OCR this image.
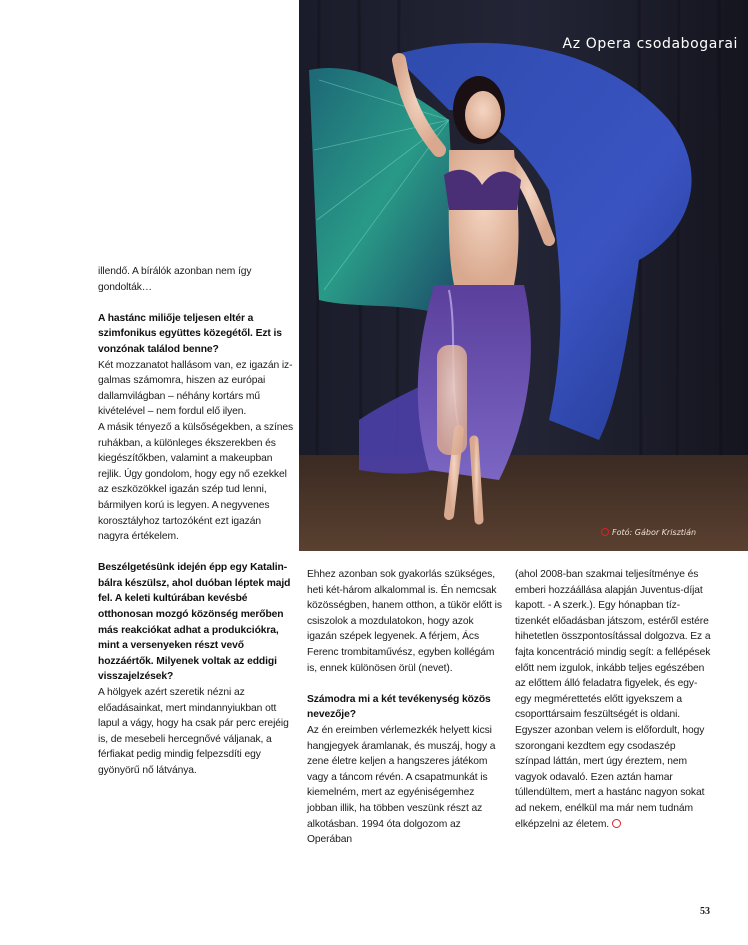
Az Opera csodabogarai
Fotó: Gábor Krisztián

illendő. A bírálók azonban nem így gondolták…

A hastánc miliője teljesen eltér a szimfonikus együttes közegétől. Ezt is vonzónak találod benne?

Két mozzanatot hallásom van, ez igazán iz- galmas számomra, hiszen az európai dallamvilágban – néhány kortárs mű kivételével – nem fordul elő ilyen.

A másik tényező a külsőségekben, a színes ruhákban, a különleges ékszerekben és kiegészítőkben, valamint a makeupban rejlik. Úgy gondolom, hogy egy nő ezekkel az eszközökkel igazán szép tud lenni, bármilyen korú is legyen. A negyvenes korosztályhoz tartozóként ezt igazán nagyra értékelem.

Beszélgetésünk idején épp egy Katalin-bálra készülsz, ahol duóban léptek majd fel. A keleti kultúrában kevésbé otthonosan mozgó közönség merőben más reakciókat adhat a produkciókra, mint a versenyeken részt vevő hozzáértők. Milyenek voltak az eddigi visszajelzések?

A hölgyek azért szeretik nézni az előadásainkat, mert mindannyiukban ott lapul a vágy, hogy ha csak pár perc erejéig is, de mesebeli hercegnővé váljanak, a férfiakat pedig mindig felpezsdíti egy gyönyörű nő látványa.

Ehhez azonban sok gyakorlás szükséges, heti két-három alkalommal is. Én nemcsak közösségben, hanem otthon, a tükör előtt is csiszolok a mozdulatokon, hogy azok igazán szépek legyenek. A férjem, Ács Ferenc trombitaművész, egyben kollégám is, ennek különösen örül (nevet).

Számodra mi a két tevékenység közös nevezője?

Az én ereimben vérlemezkék helyett kicsi hangjegyek áramlanak, és muszáj, hogy a zene életre keljen a hangszeres játékom vagy a táncom révén. A csapatmunkát is kiemelném, mert az egyéniségemhez jobban illik, ha többen veszünk részt az alkotásban. 1994 óta dolgozom az Operában

(ahol 2008-ban szakmai teljesítménye és emberi hozzáállása alapján Juventus-díjat kapott. - A szerk.). Egy hónapban tíz-tizenkét előadásban játszom, estéről estére hihetetlen összpontosítással dolgozva. Ez a fajta koncentráció mindig segít: a fellépések előtt nem izgulok, inkább teljes egészében az előttem álló feladatra figyelek, és egy-egy megmérettetés előtt igyekszem a csoporttársaim feszültségét is oldani. Egyszer azonban velem is előfordult, hogy szorongani kezdtem egy csodaszép színpad láttán, mert úgy éreztem, nem vagyok odavaló. Ezen aztán hamar túllendültem, mert a hastánc nagyon sokat ad nekem, enélkül ma már nem tudnám elképzelni az életem.

53
